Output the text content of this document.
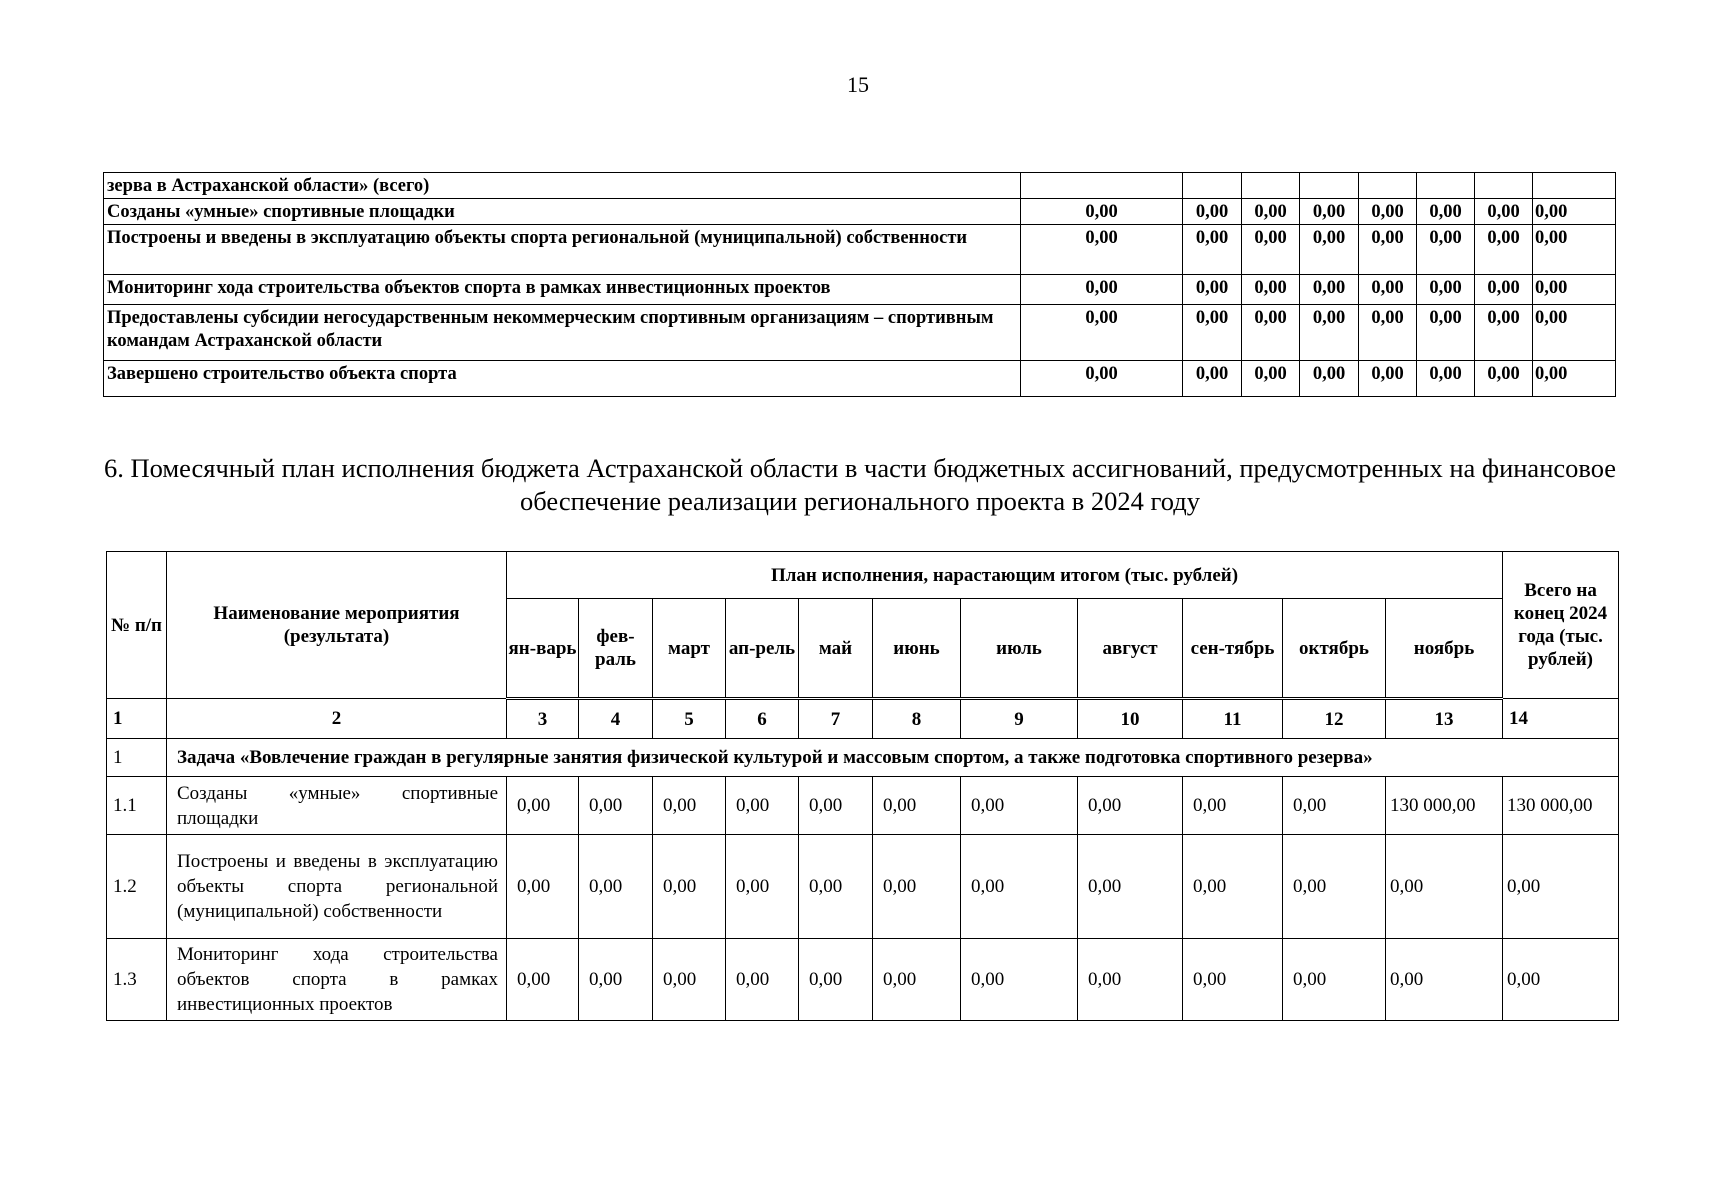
15
зерва в Астраханской области» (всего)								
Созданы «умные» спортивные площадки	0,00	0,00	0,00	0,00	0,00	0,00	0,00	0,00
Построены и введены в эксплуатацию объекты спорта региональной (муниципальной) собственности	0,00	0,00	0,00	0,00	0,00	0,00	0,00	0,00
Мониторинг хода строительства объектов спорта в рамках инвестиционных проектов	0,00	0,00	0,00	0,00	0,00	0,00	0,00	0,00
Предоставлены субсидии негосударственным некоммерческим спортивным организациям – спортивным командам Астраханской области	0,00	0,00	0,00	0,00	0,00	0,00	0,00	0,00
Завершено строительство объекта спорта	0,00	0,00	0,00	0,00	0,00	0,00	0,00	0,00
6. Помесячный план исполнения бюджета Астраханской области в части бюджетных ассигнований, предусмотренных на финансовое обеспечение реализации регионального проекта в 2024 году
№ п/п	Наименование мероприятия (результата)	План исполнения, нарастающим итогом (тыс. рублей)											Всего на конец 2024 года (тыс. рублей)
		ян-варь	фев-раль	март	ап-рель	май	июнь	июль	август	сен-тябрь	октябрь	ноябрь	
1	2	3	4	5	6	7	8	9	10	11	12	13	14
1	Задача «Вовлечение граждан в регулярные занятия физической культурой и массовым спортом, а также подготовка спортивного резерва»												
1.1	Созданы «умные» спортивные площадки	0,00	0,00	0,00	0,00	0,00	0,00	0,00	0,00	0,00	0,00	130 000,00	130 000,00
1.2	Построены и введены в эксплуатацию объекты спорта региональной (муниципальной) собственности	0,00	0,00	0,00	0,00	0,00	0,00	0,00	0,00	0,00	0,00	0,00	0,00
1.3	Мониторинг хода строительства объектов спорта в рамках инвестиционных проектов	0,00	0,00	0,00	0,00	0,00	0,00	0,00	0,00	0,00	0,00	0,00	0,00
